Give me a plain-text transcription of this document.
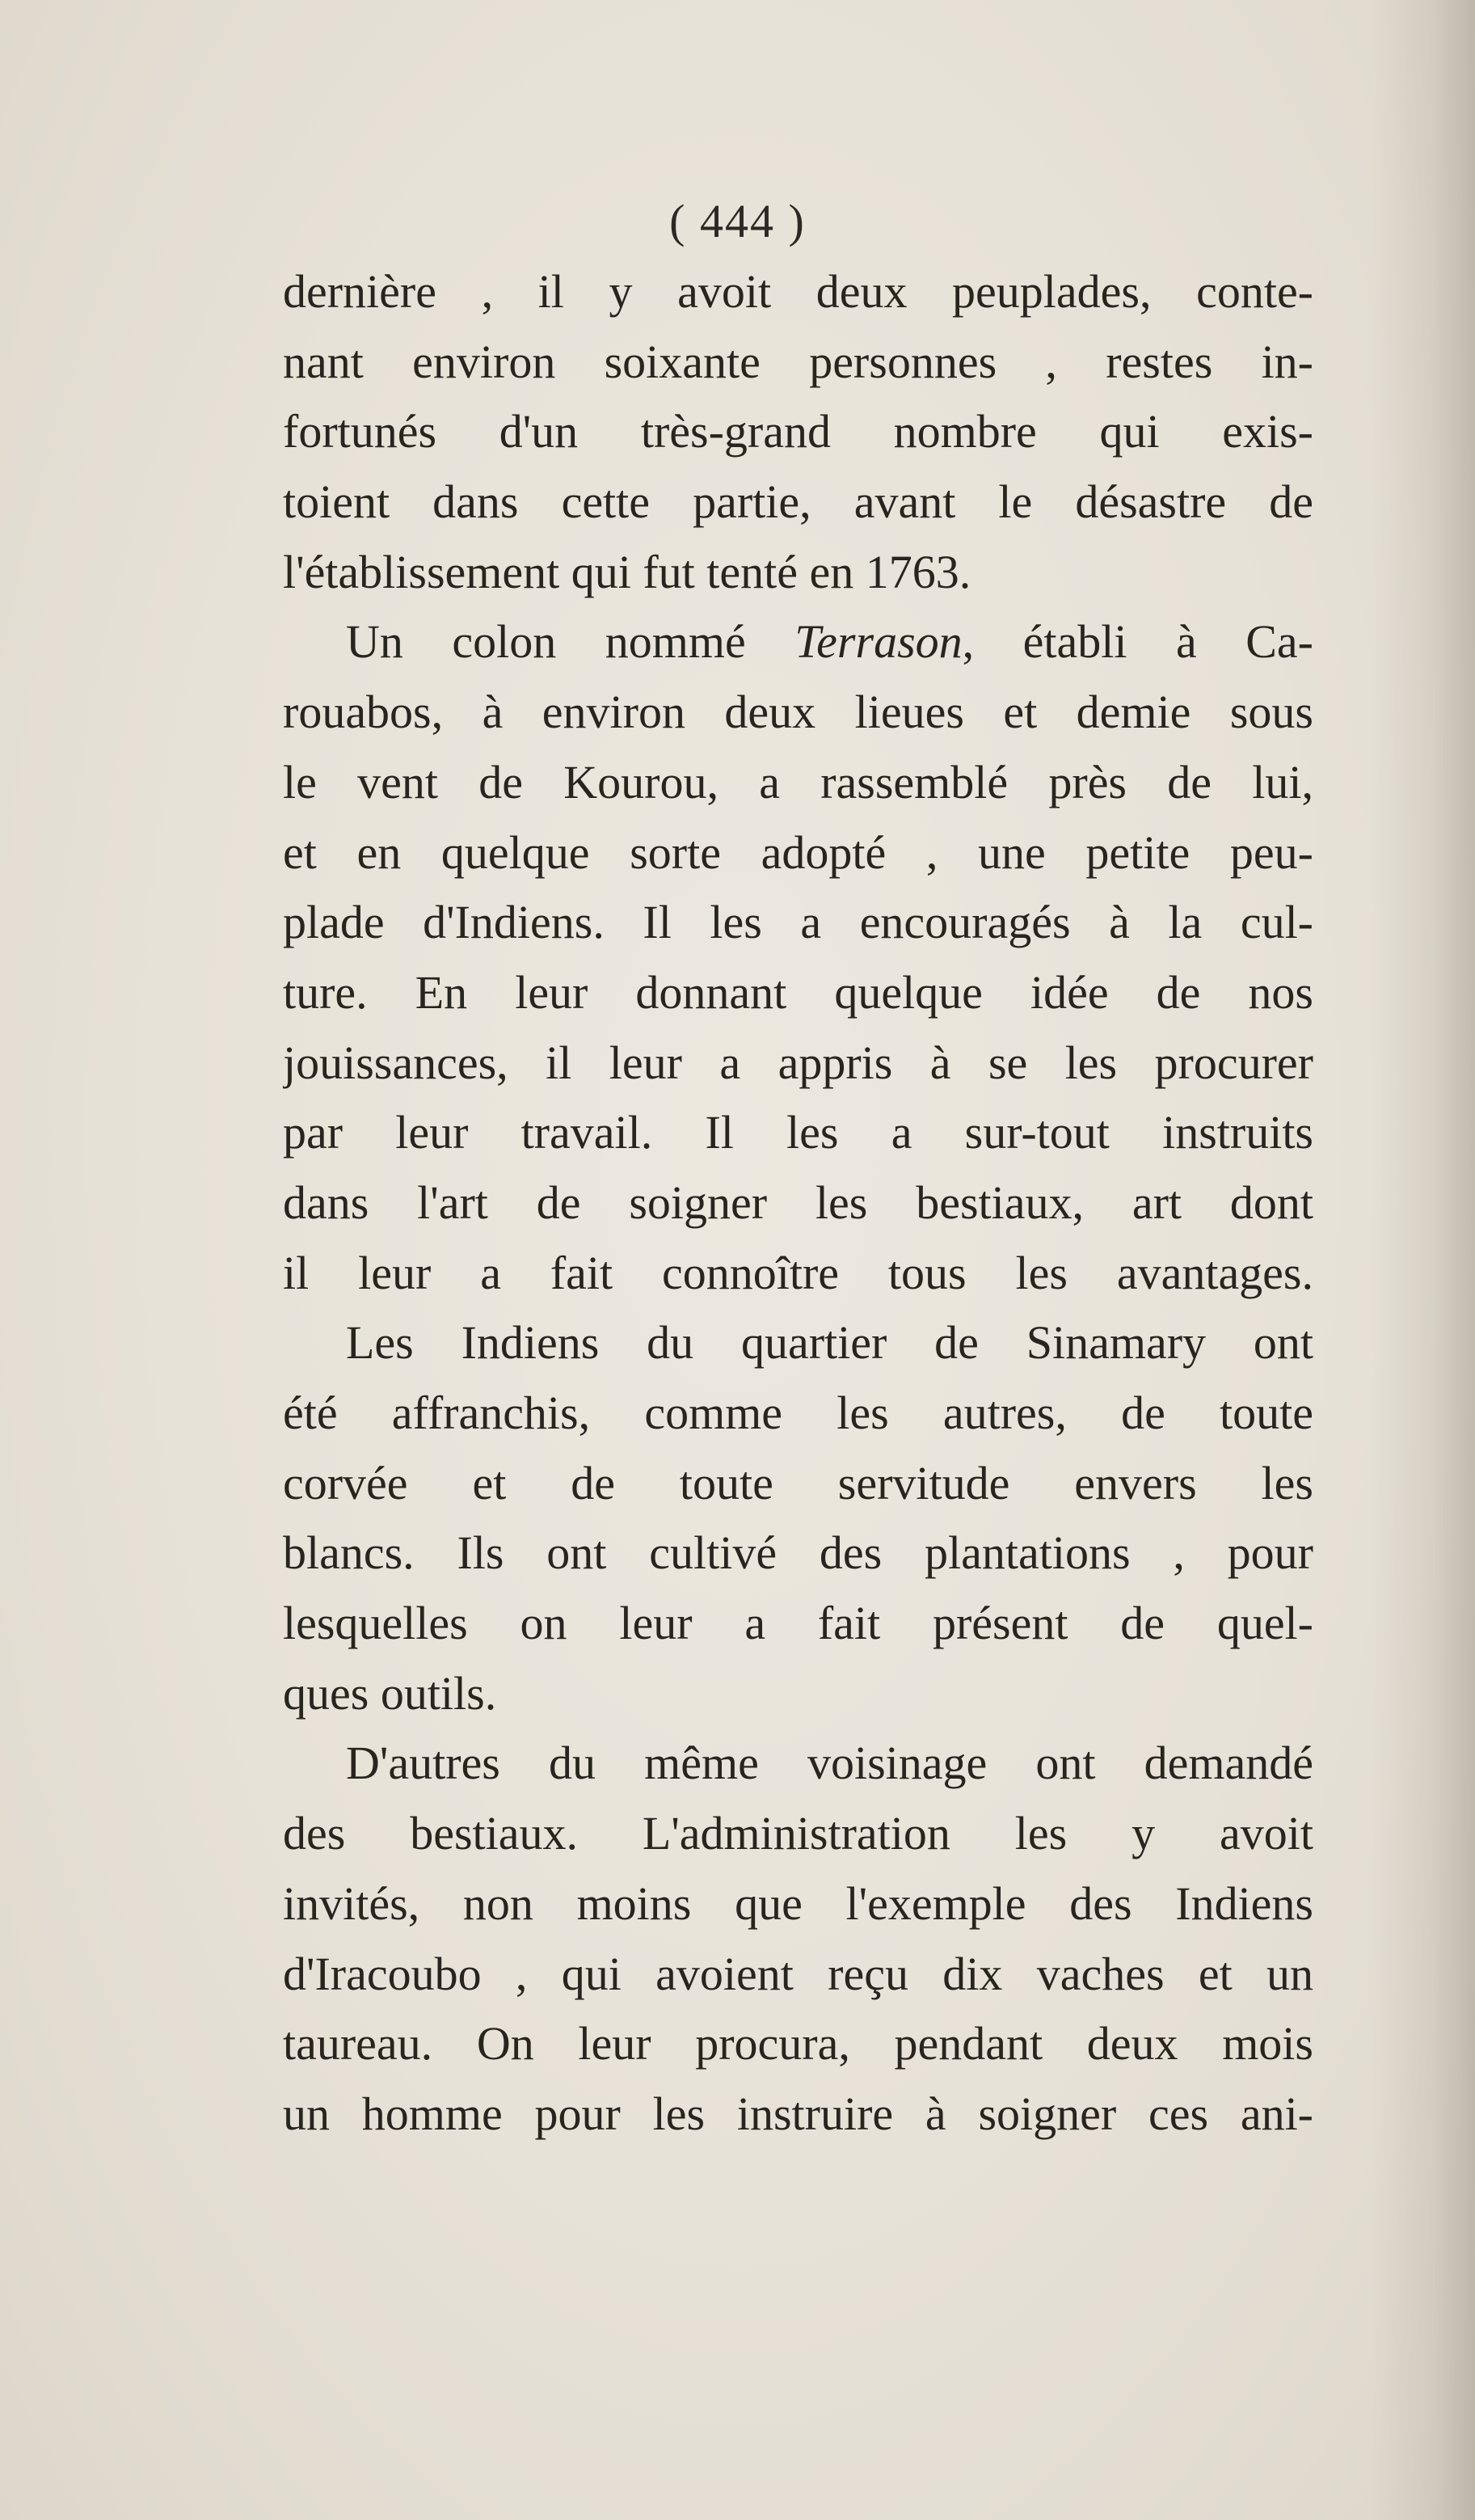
( 444 )
dernière , il y avoit deux peuplades, conte-
nant environ soixante personnes , restes in-
fortunés d'un très-grand nombre qui exis-
toient dans cette partie, avant le désastre de
l'établissement qui fut tenté en 1763.
Un colon nommé Terrason, établi à Ca-
rouabos, à environ deux lieues et demie sous
le vent de Kourou, a rassemblé près de lui,
et en quelque sorte adopté , une petite peu-
plade d'Indiens. Il les a encouragés à la cul-
ture. En leur donnant quelque idée de nos
jouissances, il leur a appris à se les procurer
par leur travail. Il les a sur-tout instruits
dans l'art de soigner les bestiaux, art dont
il leur a fait connoître tous les avantages.
Les Indiens du quartier de Sinamary ont
été affranchis, comme les autres, de toute
corvée et de toute servitude envers les
blancs. Ils ont cultivé des plantations , pour
lesquelles on leur a fait présent de quel-
ques outils.
D'autres du même voisinage ont demandé
des bestiaux. L'administration les y avoit
invités, non moins que l'exemple des Indiens
d'Iracoubo , qui avoient reçu dix vaches et un
taureau. On leur procura, pendant deux mois
un homme pour les instruire à soigner ces ani-
